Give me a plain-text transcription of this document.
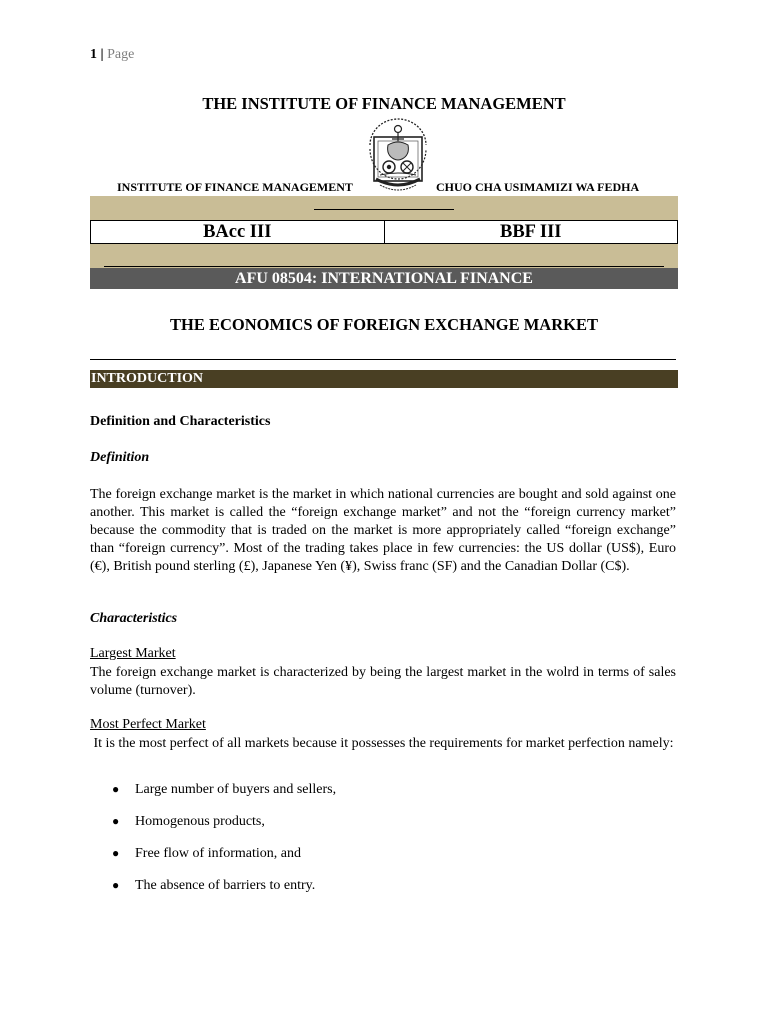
1 | Page
THE INSTITUTE OF FINANCE MANAGEMENT
INSTITUTE OF FINANCE MANAGEMENT	CHUO CHA USIMAMIZI WA FEDHA
BAcc III	BBF III
AFU 08504: INTERNATIONAL FINANCE
THE ECONOMICS OF FOREIGN EXCHANGE MARKET
INTRODUCTION
Definition and Characteristics
Definition
The foreign exchange market is the market in which national currencies are bought and sold against one another. This market is called the “foreign exchange market” and not the “foreign currency market” because the commodity that is traded on the market is more appropriately called “foreign exchange” than “foreign currency”. Most of the trading takes place in few currencies: the US dollar (US$), Euro (€), British pound sterling (£), Japanese Yen (¥), Swiss franc (SF) and the Canadian Dollar (C$).
Characteristics
Largest Market
The foreign exchange market is characterized by being the largest market in the wolrd in terms of sales volume (turnover).
Most Perfect Market
It is the most perfect of all markets because it possesses the requirements for market perfection namely:
● Large number of buyers and sellers,
● Homogenous products,
● Free flow of information, and
● The absence of barriers to entry.
